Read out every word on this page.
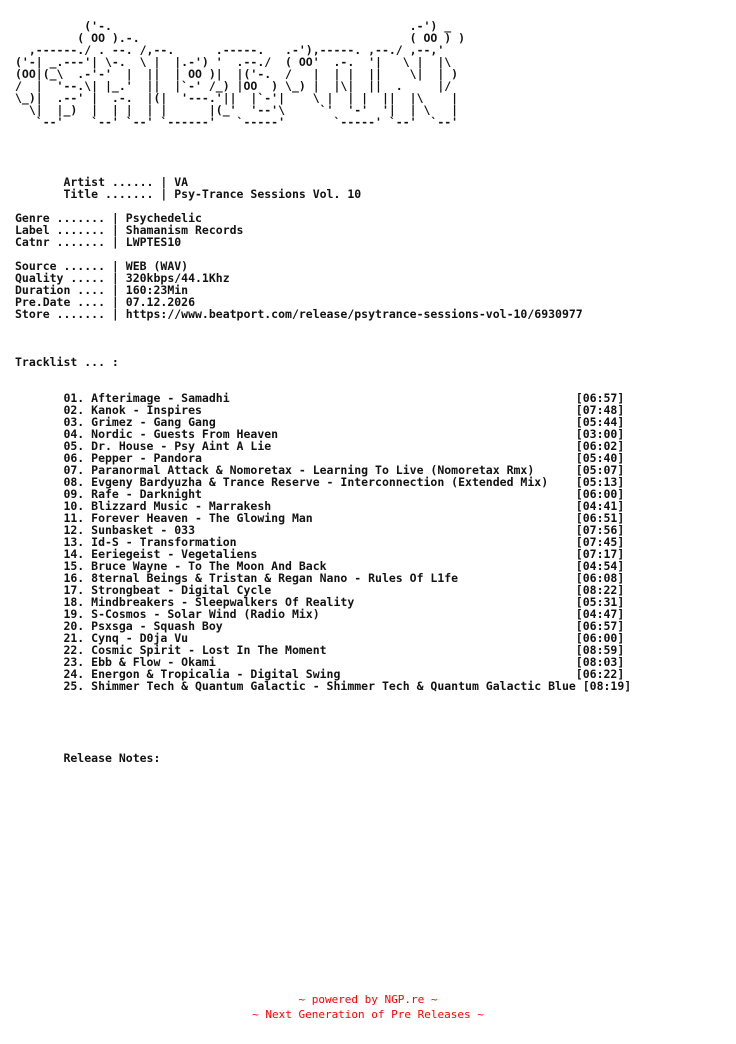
('-.                                           .-') _
( OO ).-.                                       ( OO ) )
,------./ . --. /,--.      .-----.   .-'),-----. ,--./ ,--,'
('-| _.---'| \-.  \ |  |.-') '  .--./  ( OO'  .-.  '|   \ |  |\
(OO|(_\  .-'-'  |  ||  | OO )|  |('-.  /   |  | |  ||    \|  | )
/  |  '--.\| |_.'  ||  |`-' /_) |OO  ) \_) |  |\|  ||  .     |/
\_)|  .--' |  .-.  |(|  '---.'||  |`-'|    \ |  | |  ||  |\    |
\|  |_)  |  | |  | |      |(_'  '--'\     `'  '-'  '|  | \   |
`--'    `--' `--' `------'   `-----'       `-----' `--'  `--'

Artist ...... | VA
Title ....... | Psy-Trance Sessions Vol. 10

Genre ....... | Psychedelic
Label ....... | Shamanism Records
Catnr ....... | LWPTES10

Source ...... | WEB (WAV)
Quality ..... | 320kbps/44.1Khz
Duration .... | 160:23Min
Pre.Date .... | 07.12.2026
Store ....... | https://www.beatport.com/release/psytrance-sessions-vol-10/6930977

Tracklist ... :

01. Afterimage - Samadhi                                                  [06:57]
02. Kanok - Inspires                                                      [07:48]
03. Grimez - Gang Gang                                                    [05:44]
04. Nordic - Guests From Heaven                                           [03:00]
05. Dr. House - Psy Aint A Lie                                            [06:02]
06. Pepper - Pandora                                                      [05:40]
07. Paranormal Attack & Nomoretax - Learning To Live (Nomoretax Rmx)      [05:07]
08. Evgeny Bardyuzha & Trance Reserve - Interconnection (Extended Mix)    [05:13]
09. Rafe - Darknight                                                      [06:00]
10. Blizzard Music - Marrakesh                                            [04:41]
11. Forever Heaven - The Glowing Man                                      [06:51]
12. Sunbasket - 033                                                       [07:56]
13. Id-S - Transformation                                                 [07:45]
14. Eeriegeist - Vegetaliens                                              [07:17]
15. Bruce Wayne - To The Moon And Back                                    [04:54]
16. 8ternal Beings & Tristan & Regan Nano - Rules Of L1fe                 [06:08]
17. Strongbeat - Digital Cycle                                            [08:22]
18. Mindbreakers - Sleepwalkers Of Reality                                [05:31]
19. S-Cosmos - Solar Wind (Radio Mix)                                     [04:47]
20. Psxsga - Squash Boy                                                   [06:57]
21. Cynq - D0ja Vu                                                        [06:00]
22. Cosmic Spirit - Lost In The Moment                                    [08:59]
23. Ebb & Flow - Okami                                                    [08:03]
24. Energon & Tropicalia - Digital Swing                                  [06:22]
25. Shimmer Tech & Quantum Galactic - Shimmer Tech & Quantum Galactic Blue [08:19]

Release Notes:
~ powered by NGP.re ~
~ Next Generation of Pre Releases ~
